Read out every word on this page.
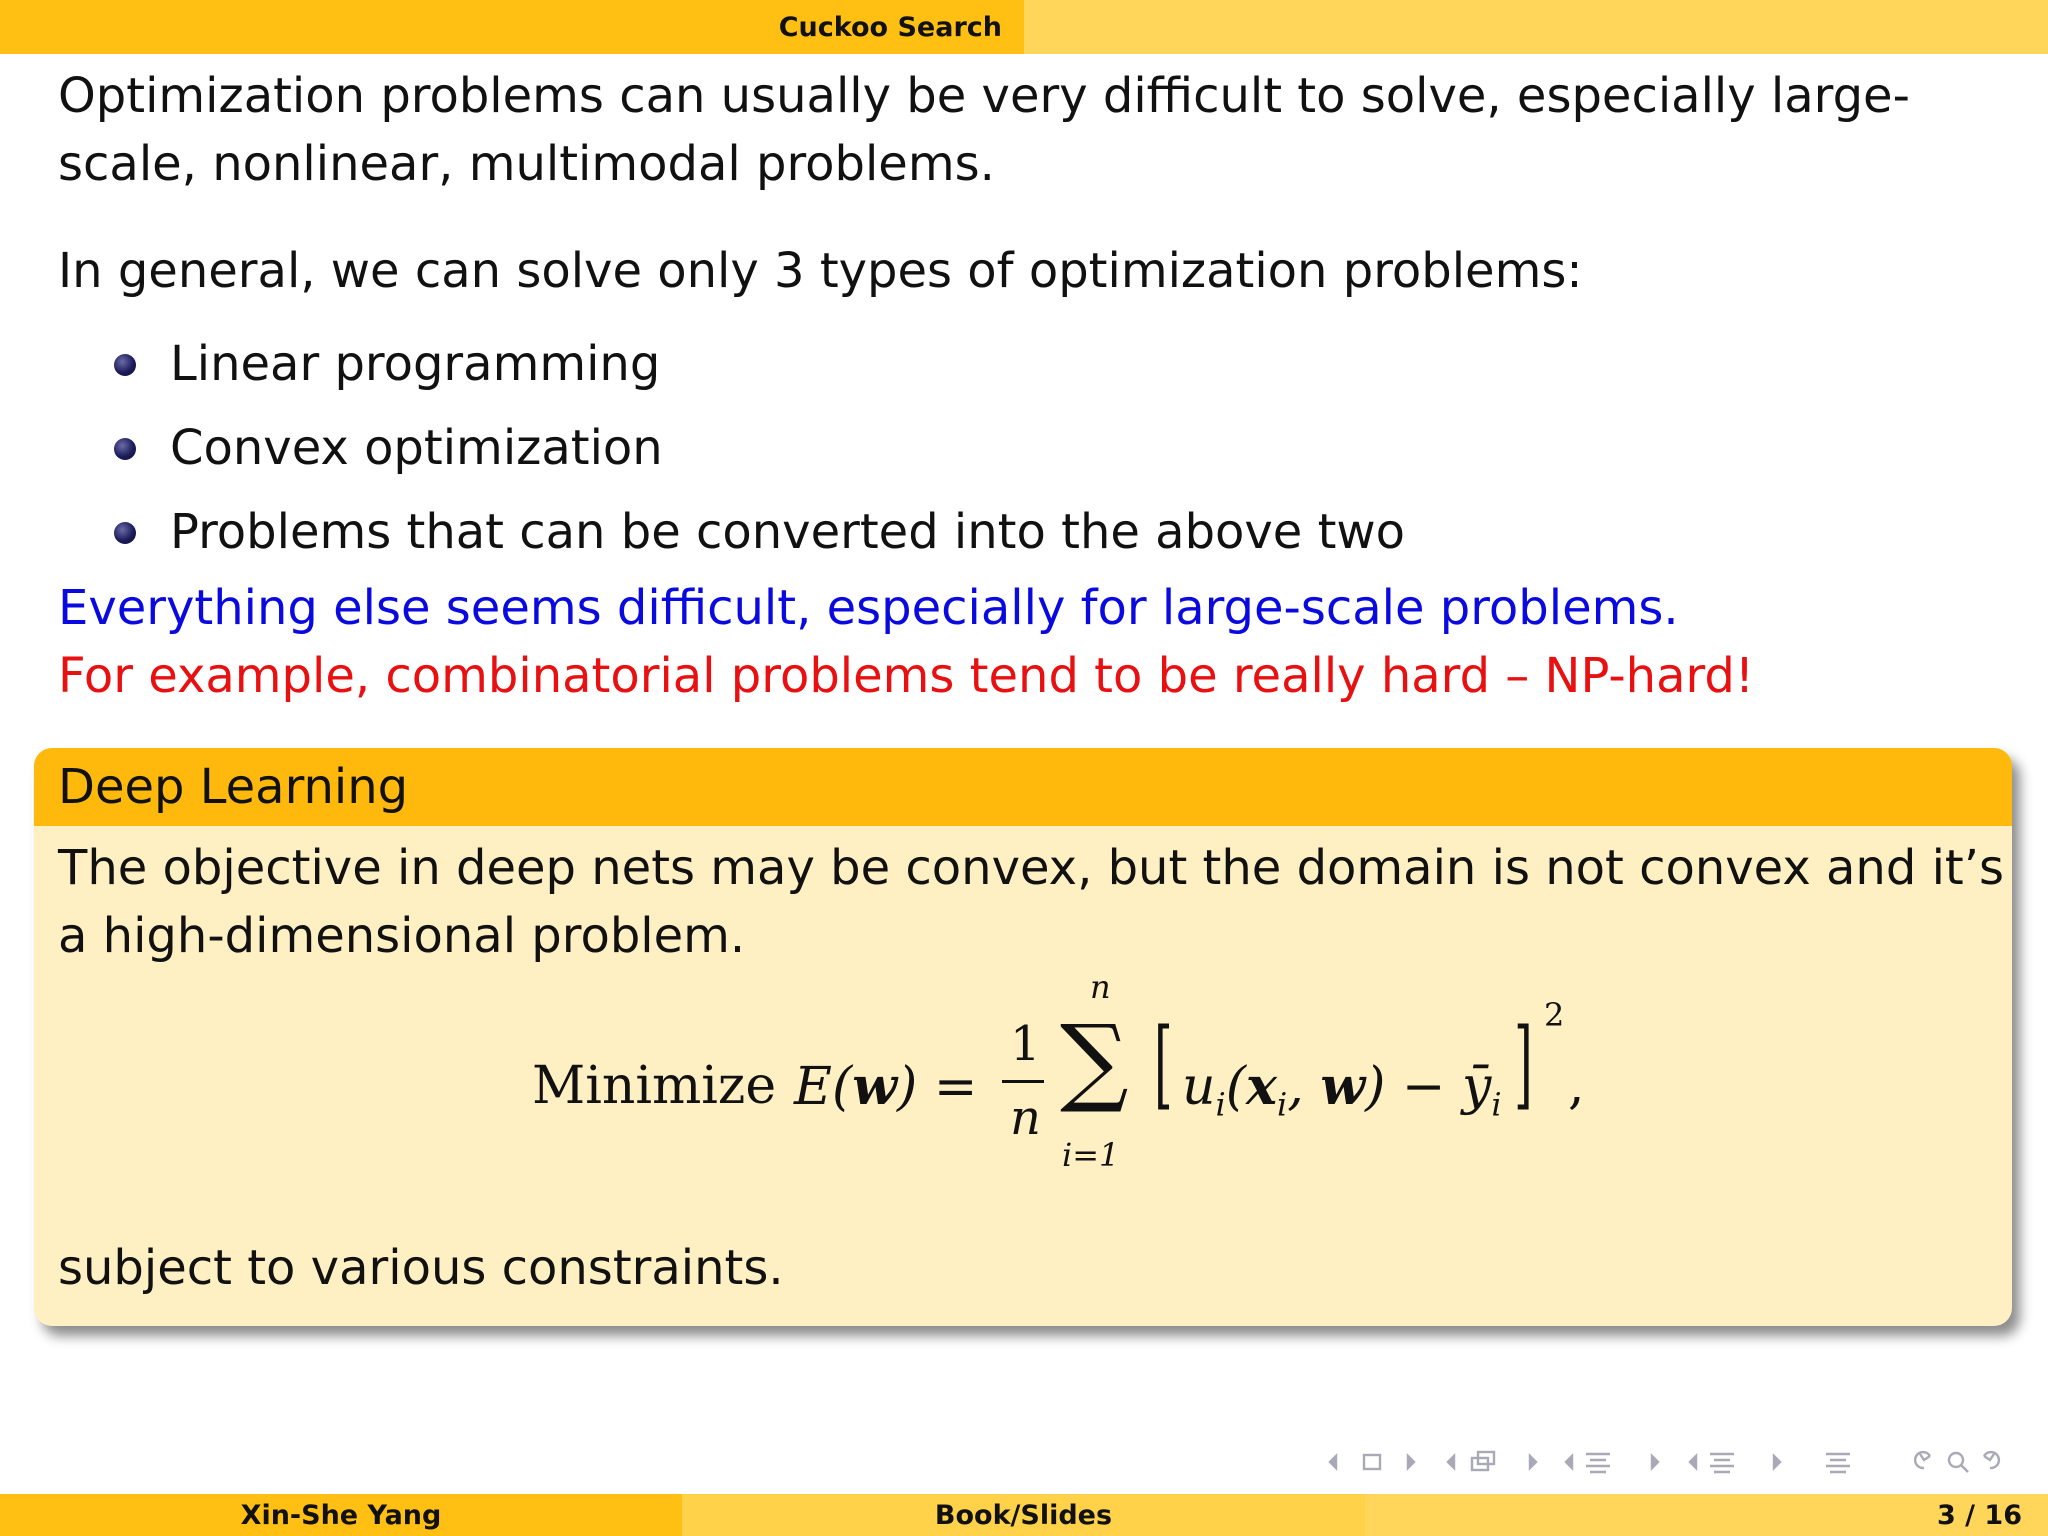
Cuckoo Search

Optimization problems can usually be very difficult to solve, especially large-scale, nonlinear, multimodal problems.

In general, we can solve only 3 types of optimization problems:

Linear programming
Convex optimization
Problems that can be converted into the above two
Everything else seems difficult, especially for large-scale problems.
For example, combinatorial problems tend to be really hard – NP-hard!
Deep Learning

The objective in deep nets may be convex, but the domain is not convex and it’s a high-dimensional problem.

Minimize E(w) =
1
n
n
∑
i=1
[ $u_i(x_i$, $w) - ȳ_i$ ] 2
,

subject to various constraints.

Xin-She Yang	Book/Slides	3 / 16
